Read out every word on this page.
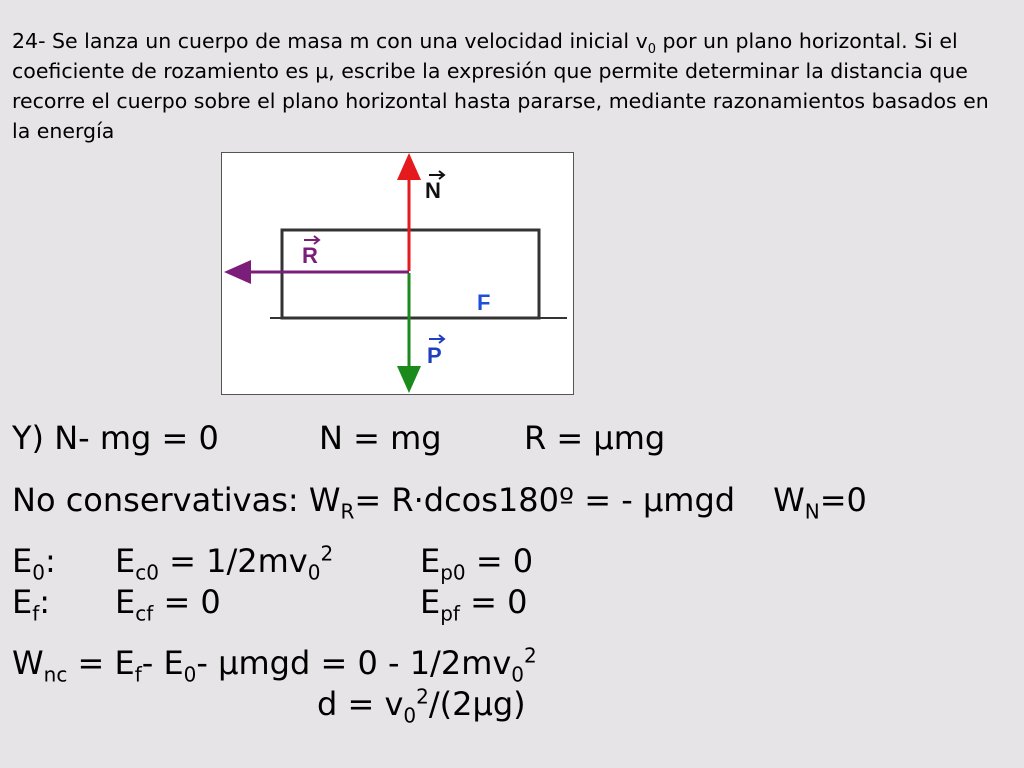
24- Se lanza un cuerpo de masa m con una velocidad inicial $v_0$ por un plano horizontal. Si el coeficiente de rozamiento es μ, escribe la expresión que permite determinar la distancia que recorre el cuerpo sobre el plano horizontal hasta pararse, mediante razonamientos basados en la energía

N
R
F
P
Y) N- mg = 0	N = mg	R = μmg
No conservativas: $W_R=$ R·dcos180º = - μmgd $W_N=0$
$E_0$: $E_{c0} = 1/2mv_0^2$	$E_{p0} = 0$
$E_f$: $E_{cf} = 0$	$E_{pf} = 0$
$W_{nc} = E_f-$ $E_0-$ $\mu mgd = 0 - 1/2mv_0^2$
$d = v_0^2/(2\mu g)$
